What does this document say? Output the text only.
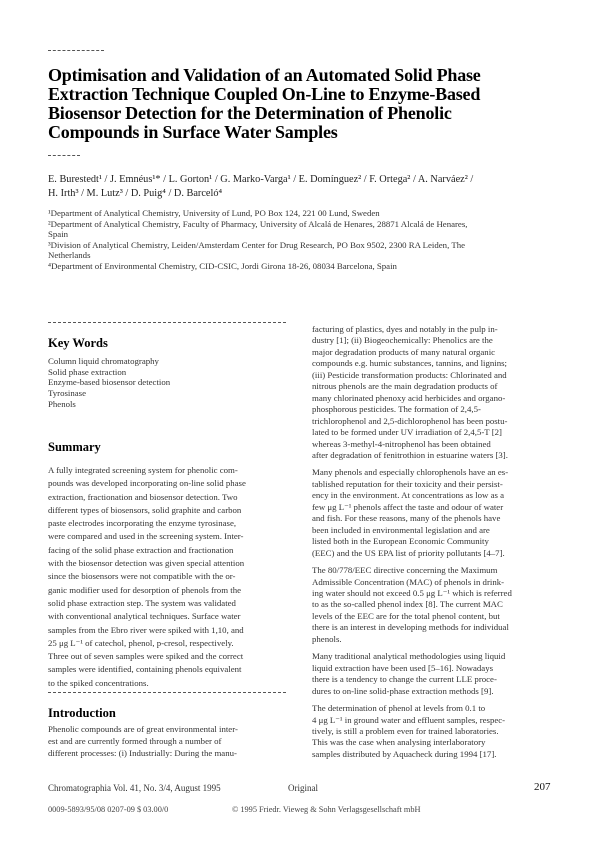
Optimisation and Validation of an Automated Solid Phase
Extraction Technique Coupled On-Line to Enzyme-Based
Biosensor Detection for the Determination of Phenolic
Compounds in Surface Water Samples
E. Burestedt¹ / J. Emnéus¹* / L. Gorton¹ / G. Marko-Varga¹ / E. Domínguez² / F. Ortega² / A. Narváez² /
H. Irth³ / M. Lutz³ / D. Puig⁴ / D. Barceló⁴
¹Department of Analytical Chemistry, University of Lund, PO Box 124, 221 00 Lund, Sweden
²Department of Analytical Chemistry, Faculty of Pharmacy, University of Alcalá de Henares, 28871 Alcalá de Henares,
Spain
³Division of Analytical Chemistry, Leiden/Amsterdam Center for Drug Research, PO Box 9502, 2300 RA Leiden, The
Netherlands
⁴Department of Environmental Chemistry, CID-CSIC, Jordi Girona 18-26, 08034 Barcelona, Spain
Key Words
Column liquid chromatography
Solid phase extraction
Enzyme-based biosensor detection
Tyrosinase
Phenols
Summary
A fully integrated screening system for phenolic com-
pounds was developed incorporating on-line solid phase
extraction, fractionation and biosensor detection. Two
different types of biosensors, solid graphite and carbon
paste electrodes incorporating the enzyme tyrosinase,
were compared and used in the screening system. Inter-
facing of the solid phase extraction and fractionation
with the biosensor detection was given special attention
since the biosensors were not compatible with the or-
ganic modifier used for desorption of phenols from the
solid phase extraction step. The system was validated
with conventional analytical techniques. Surface water
samples from the Ebro river were spiked with 1,10, and
25 μg L⁻¹ of catechol, phenol, p-cresol, respectively.
Three out of seven samples were spiked and the correct
samples were identified, containing phenols equivalent
to the spiked concentrations.
Introduction
Phenolic compounds are of great environmental inter-
est and are currently formed through a number of
different processes: (i) Industrially: During the manu-
facturing of plastics, dyes and notably in the pulp in-
dustry [1]; (ii) Biogeochemically: Phenolics are the
major degradation products of many natural organic
compounds e.g. humic substances, tannins, and lignins;
(iii) Pesticide transformation products: Chlorinated and
nitrous phenols are the main degradation products of
many chlorinated phenoxy acid herbicides and organo-
phosphorous pesticides. The formation of 2,4,5-
trichlorophenol and 2,5-dichlorophenol has been postu-
lated to be formed under UV irradiation of 2,4,5-T [2]
whereas 3-methyl-4-nitrophenol has been obtained
after degradation of fenitrothion in estuarine waters [3].
Many phenols and especially chlorophenols have an es-
tablished reputation for their toxicity and their persist-
ency in the environment. At concentrations as low as a
few μg L⁻¹ phenols affect the taste and odour of water
and fish. For these reasons, many of the phenols have
been included in environmental legislation and are
listed both in the European Economic Community
(EEC) and the US EPA list of priority pollutants [4–7].
The 80/778/EEC directive concerning the Maximum
Admissible Concentration (MAC) of phenols in drink-
ing water should not exceed 0.5 μg L⁻¹ which is referred
to as the so-called phenol index [8]. The current MAC
levels of the EEC are for the total phenol content, but
there is an interest in developing methods for individual
phenols.
Many traditional analytical methodologies using liquid
liquid extraction have been used [5–16]. Nowadays
there is a tendency to change the current LLE proce-
dures to on-line solid-phase extraction methods [9].
The determination of phenol at levels from 0.1 to
4 μg L⁻¹ in ground water and effluent samples, respec-
tively, is still a problem even for trained laboratories.
This was the case when analysing interlaboratory
samples distributed by Aquacheck during 1994 [17].
Chromatographia Vol. 41, No. 3/4, August 1995	Original	207
0009-5893/95/08 0207-09 $ 03.00/0	© 1995 Friedr. Vieweg & Sohn Verlagsgesellschaft mbH
